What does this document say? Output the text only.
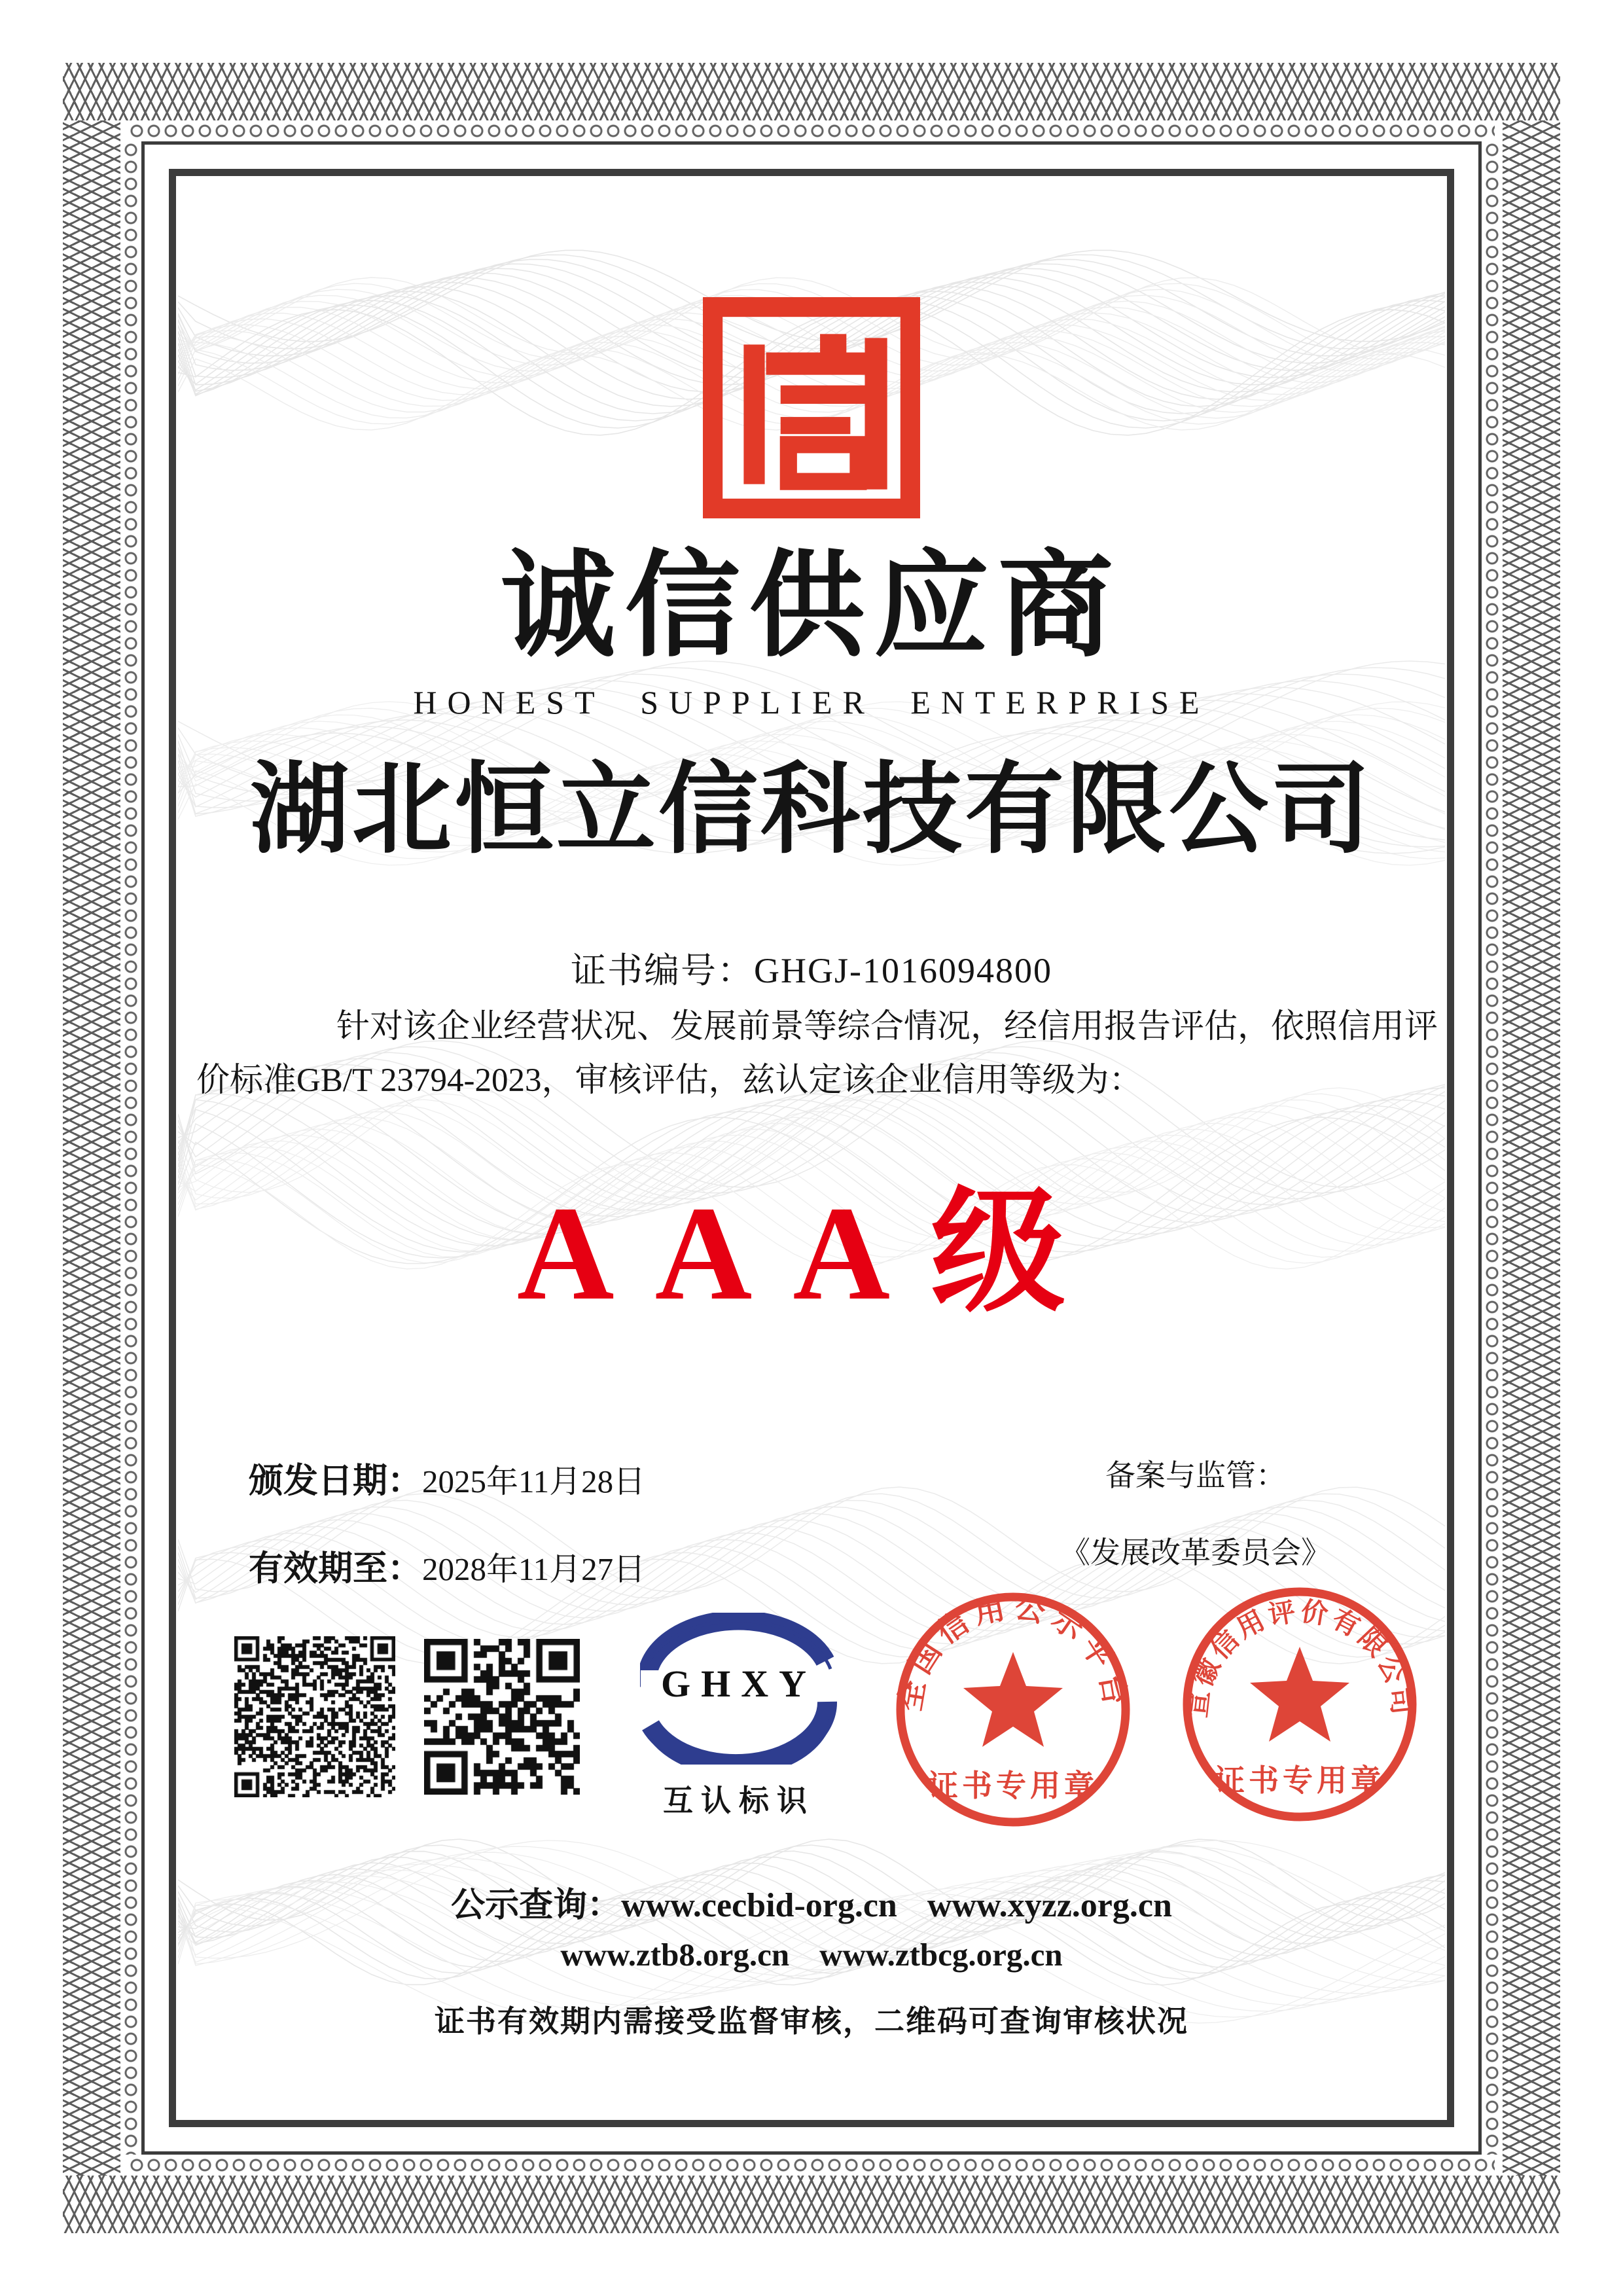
诚信供应商
HONEST SUPPLIER ENTERPRISE
湖北恒立信科技有限公司
证书编号：GHGJ-1016094800
针对该企业经营状况、发展前景等综合情况，经信用报告评估，依照信用评
价标准GB/T 23794-2023，审核评估，兹认定该企业信用等级为：
AAA级
颁发日期：2025年11月28日
有效期至：2028年11月27日
备案与监管：
《发展改革委员会》
GHXY
互认标识
全国信用公示平台
证书专用章
宣徽信用评价有限公司
证书专用章
公示查询：www.cecbid-org.cn www.xyzz.org.cn
www.ztb8.org.cn www.ztbcg.org.cn
证书有效期内需接受监督审核，二维码可查询审核状况
